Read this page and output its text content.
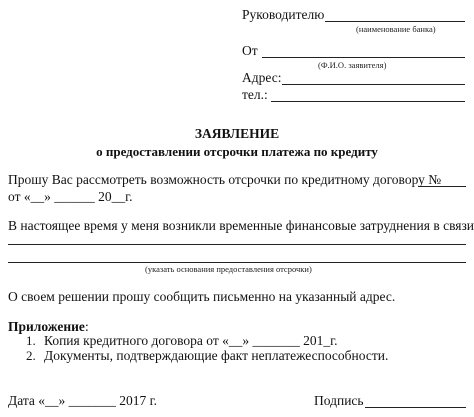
Руководителю
(наименование банка)
От
(Ф.И.О. заявителя)
Адрес:
тел.:
ЗАЯВЛЕНИЕ
о предоставлении отсрочки платежа по кредиту
Прошу Вас рассмотреть возможность отсрочки по кредитному договору №
от «__» ______ 20__г.
В настоящее время у меня возникли временные финансовые затруднения в связи
(указать основания предоставления отсрочки)
О своем решении прошу сообщить письменно на указанный адрес.
Приложение:
1. Копия кредитного договора от «__» _______ 201_г.
2. Документы, подтверждающие факт неплатежеспособности.
Дата «__» _______ 2017 г.	Подпись
